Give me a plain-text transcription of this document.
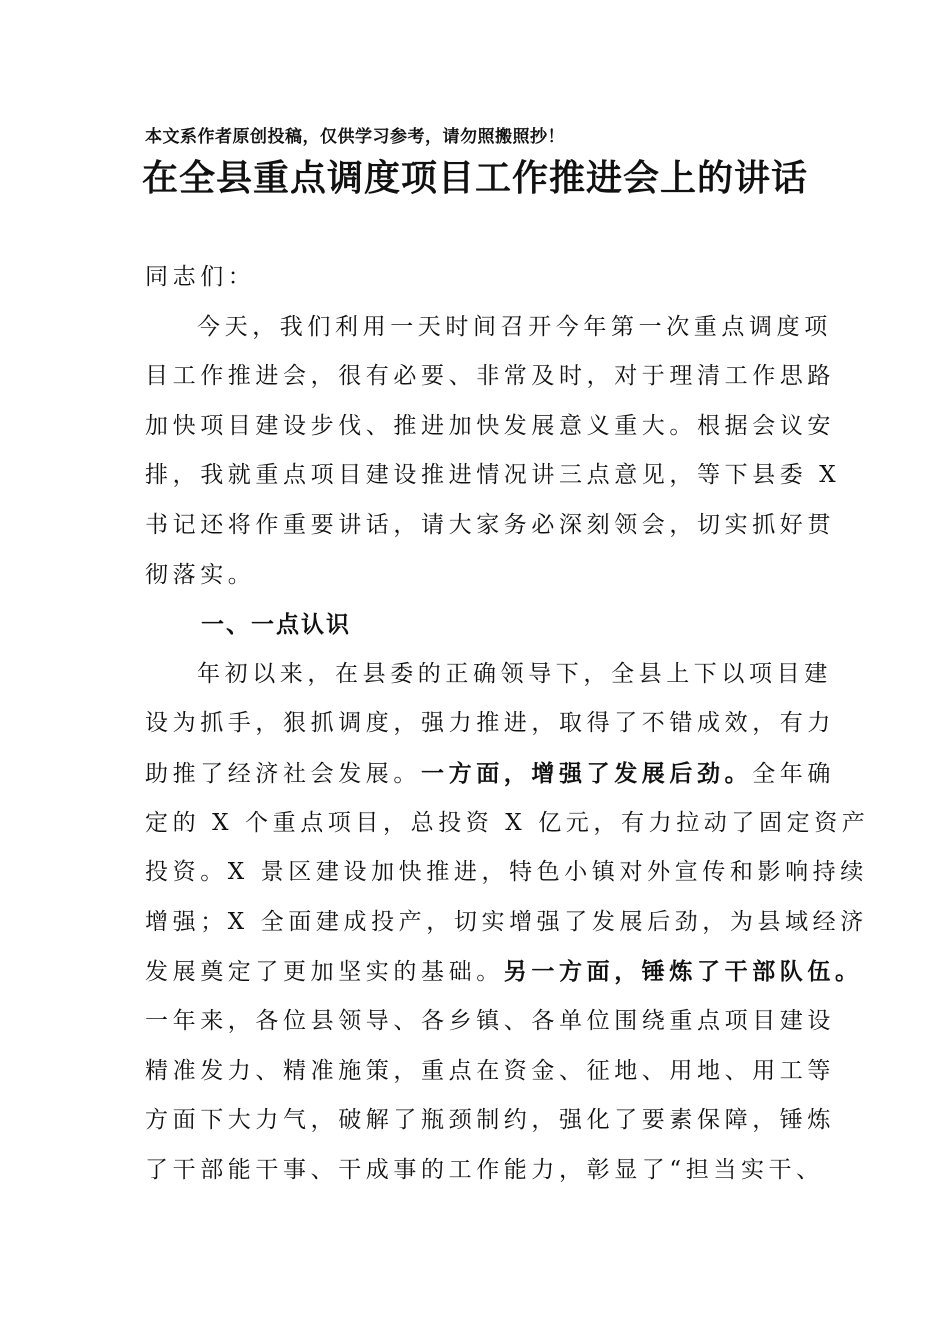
本文系作者原创投稿，仅供学习参考，请勿照搬照抄！
在全县重点调度项目工作推进会上的讲话
同志们：
今天，我们利用一天时间召开今年第一次重点调度项
目工作推进会，很有必要、非常及时，对于理清工作思路
加快项目建设步伐、推进加快发展意义重大。根据会议安
排，我就重点项目建设推进情况讲三点意见，等下县委 X
书记还将作重要讲话，请大家务必深刻领会，切实抓好贯
彻落实。
一、一点认识
年初以来，在县委的正确领导下，全县上下以项目建
设为抓手，狠抓调度，强力推进，取得了不错成效，有力
助推了经济社会发展。一方面，增强了发展后劲。全年确
定的 X 个重点项目，总投资 X 亿元，有力拉动了固定资产
投资。X 景区建设加快推进，特色小镇对外宣传和影响持续
增强；X 全面建成投产，切实增强了发展后劲，为县域经济
发展奠定了更加坚实的基础。另一方面，锤炼了干部队伍。
一年来，各位县领导、各乡镇、各单位围绕重点项目建设
精准发力、精准施策，重点在资金、征地、用地、用工等
方面下大力气，破解了瓶颈制约，强化了要素保障，锤炼
了干部能干事、干成事的工作能力，彰显了“担当实干、
